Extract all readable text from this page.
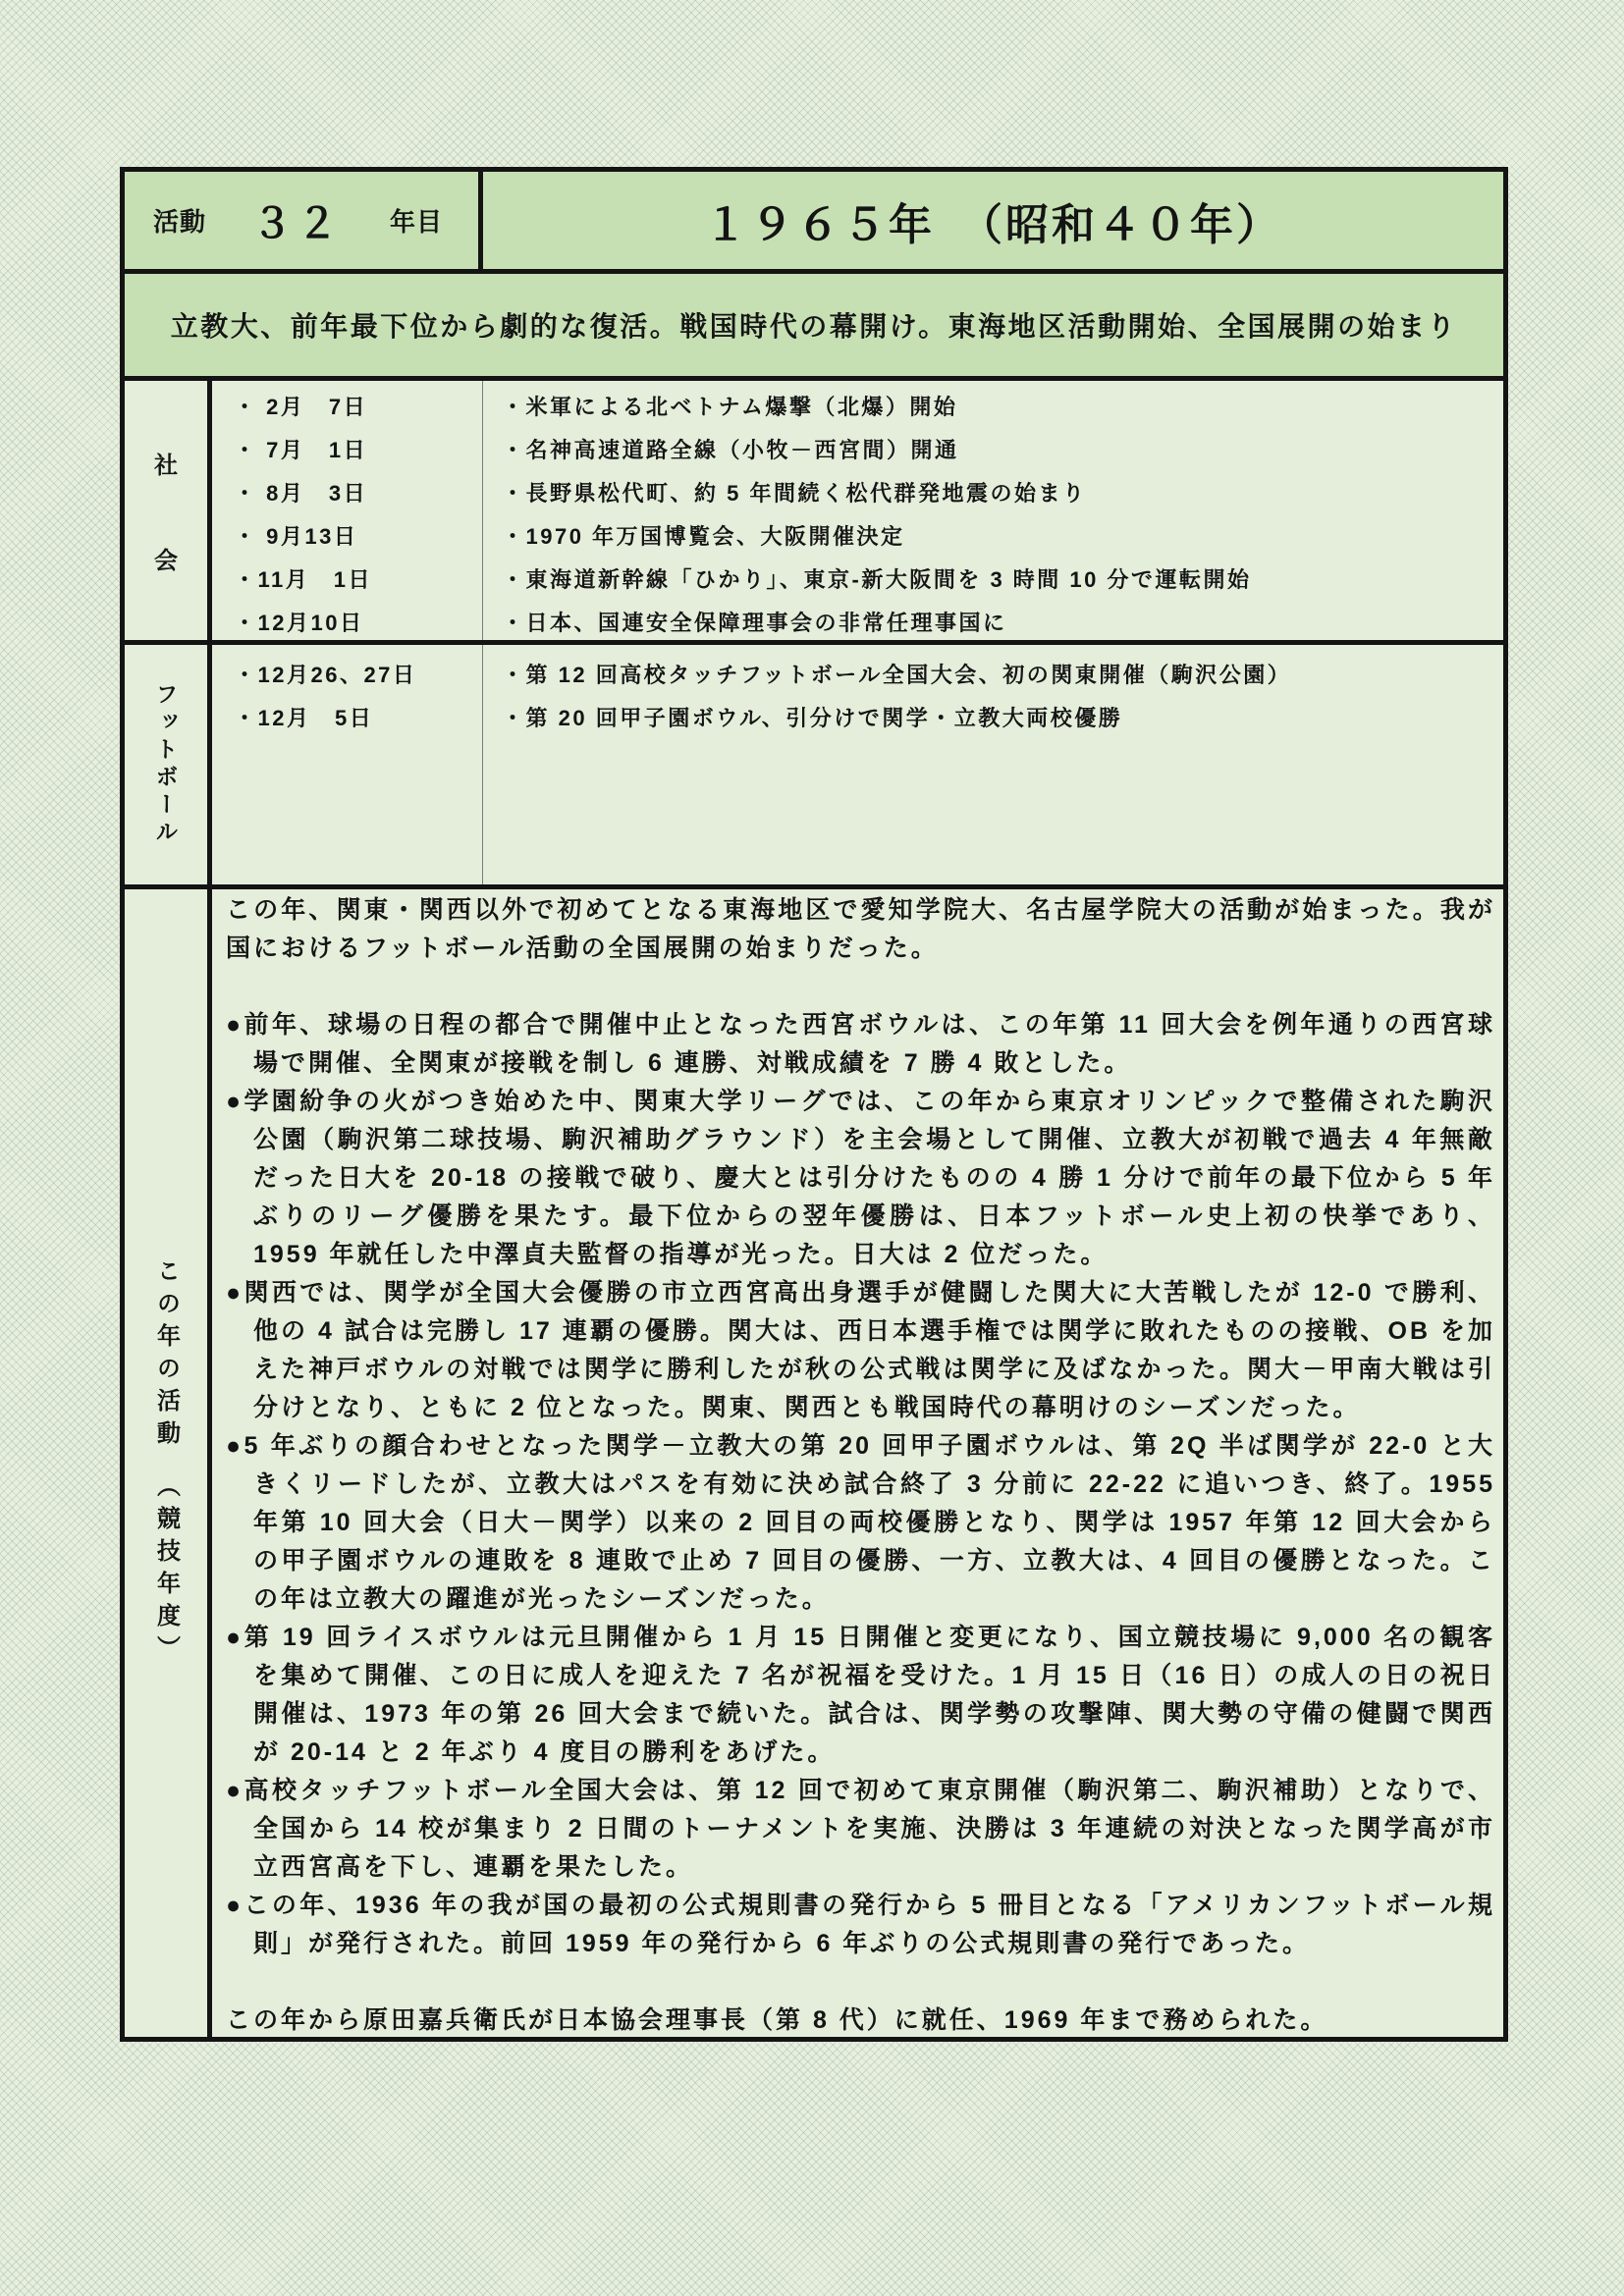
活動 ３２ 年目	１９６５年　（昭和４０年）
立教大、前年最下位から劇的な復活。戦国時代の幕開け。東海地区活動開始、全国展開の始まり
社
会
・ 2月　7日
・ 7月　1日
・ 8月　3日
・ 9月13日
・11月　1日
・12月10日
・米軍による北ベトナム爆撃（北爆）開始
・名神高速道路全線（小牧－西宮間）開通
・長野県松代町、約 5 年間続く松代群発地震の始まり
・1970 年万国博覧会、大阪開催決定
・東海道新幹線「ひかり」、東京-新大阪間を 3 時間 10 分で運転開始
・日本、国連安全保障理事会の非常任理事国に
フットボール
・12月26、27日
・12月　5日
・第 12 回高校タッチフットボール全国大会、初の関東開催（駒沢公園）
・第 20 回甲子園ボウル、引分けで関学・立教大両校優勝
この年の活動　（競技年度）

この年、関東・関西以外で初めてとなる東海地区で愛知学院大、名古屋学院大の活動が始まった。我が国におけるフットボール活動の全国展開の始まりだった。

●前年、球場の日程の都合で開催中止となった西宮ボウルは、この年第 11 回大会を例年通りの西宮球場で開催、全関東が接戦を制し 6 連勝、対戦成績を 7 勝 4 敗とした。

●学園紛争の火がつき始めた中、関東大学リーグでは、この年から東京オリンピックで整備された駒沢公園（駒沢第二球技場、駒沢補助グラウンド）を主会場として開催、立教大が初戦で過去 4 年無敵だった日大を 20-18 の接戦で破り、慶大とは引分けたものの 4 勝 1 分けで前年の最下位から 5 年ぶりのリーグ優勝を果たす。最下位からの翌年優勝は、日本フットボール史上初の快挙であり、1959 年就任した中澤貞夫監督の指導が光った。日大は 2 位だった。

●関西では、関学が全国大会優勝の市立西宮高出身選手が健闘した関大に大苦戦したが 12-0 で勝利、他の 4 試合は完勝し 17 連覇の優勝。関大は、西日本選手権では関学に敗れたものの接戦、OB を加えた神戸ボウルの対戦では関学に勝利したが秋の公式戦は関学に及ばなかった。関大－甲南大戦は引分けとなり、ともに 2 位となった。関東、関西とも戦国時代の幕明けのシーズンだった。

●5 年ぶりの顔合わせとなった関学－立教大の第 20 回甲子園ボウルは、第 2Q 半ば関学が 22-0 と大きくリードしたが、立教大はパスを有効に決め試合終了 3 分前に 22-22 に追いつき、終了。1955 年第 10 回大会（日大－関学）以来の 2 回目の両校優勝となり、関学は 1957 年第 12 回大会からの甲子園ボウルの連敗を 8 連敗で止め 7 回目の優勝、一方、立教大は、4 回目の優勝となった。この年は立教大の躍進が光ったシーズンだった。

●第 19 回ライスボウルは元旦開催から 1 月 15 日開催と変更になり、国立競技場に 9,000 名の観客を集めて開催、この日に成人を迎えた 7 名が祝福を受けた。1 月 15 日（16 日）の成人の日の祝日開催は、1973 年の第 26 回大会まで続いた。試合は、関学勢の攻撃陣、関大勢の守備の健闘で関西が 20-14 と 2 年ぶり 4 度目の勝利をあげた。

●高校タッチフットボール全国大会は、第 12 回で初めて東京開催（駒沢第二、駒沢補助）となりで、全国から 14 校が集まり 2 日間のトーナメントを実施、決勝は 3 年連続の対決となった関学高が市立西宮高を下し、連覇を果たした。

●この年、1936 年の我が国の最初の公式規則書の発行から 5 冊目となる「アメリカンフットボール規則」が発行された。前回 1959 年の発行から 6 年ぶりの公式規則書の発行であった。

この年から原田嘉兵衛氏が日本協会理事長（第 8 代）に就任、1969 年まで務められた。
